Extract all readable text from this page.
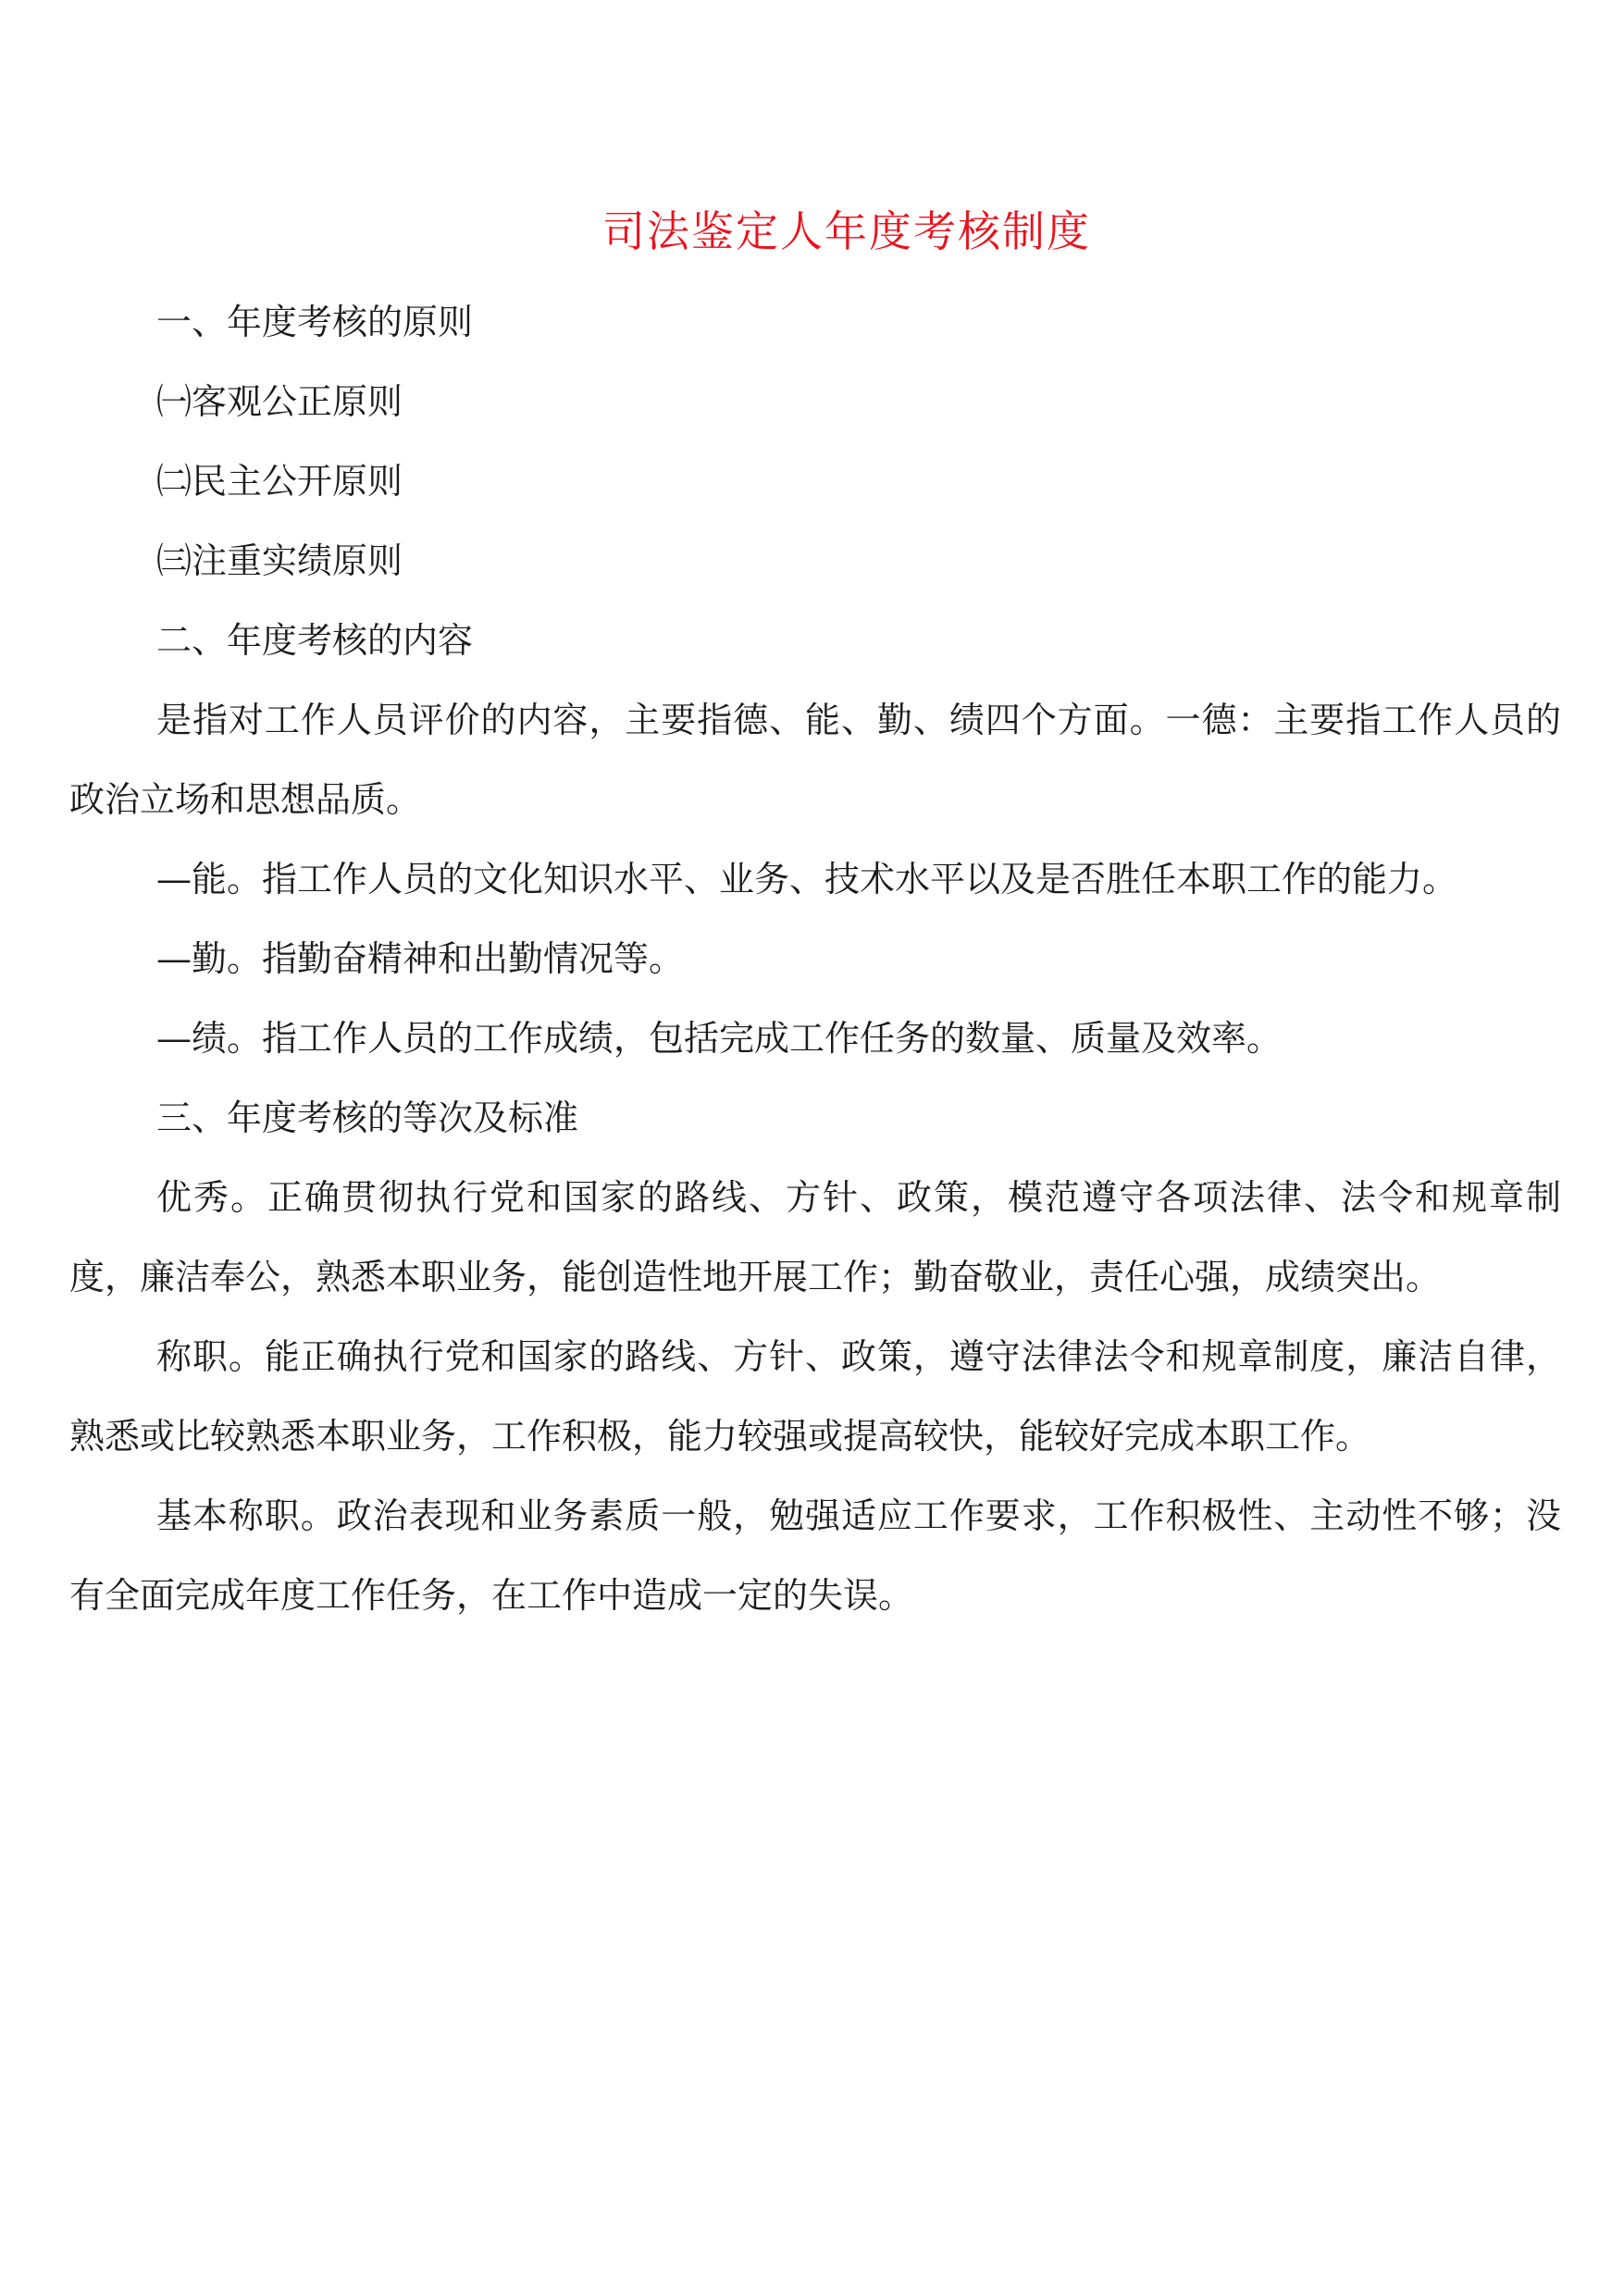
司法鉴定人年度考核制度
一、年度考核的原则
㈠客观公正原则
㈡民主公开原则
㈢注重实绩原则
二、年度考核的内容
是指对工作人员评价的内容，主要指德、能、勤、绩四个方面。一德：主要指工作人员的政治立场和思想品质。
—能。指工作人员的文化知识水平、业务、技术水平以及是否胜任本职工作的能力。
—勤。指勤奋精神和出勤情况等。
—绩。指工作人员的工作成绩，包括完成工作任务的数量、质量及效率。
三、年度考核的等次及标准
优秀。正确贯彻执行党和国家的路线、方针、政策，模范遵守各项法律、法令和规章制度，廉洁奉公，熟悉本职业务，能创造性地开展工作；勤奋敬业，责任心强，成绩突出。
称职。能正确执行党和国家的路线、方针、政策，遵守法律法令和规章制度，廉洁自律，熟悉或比较熟悉本职业务，工作积极，能力较强或提高较快，能较好完成本职工作。
基本称职。政治表现和业务素质一般，勉强适应工作要求，工作积极性、主动性不够；没有全面完成年度工作任务，在工作中造成一定的失误。
